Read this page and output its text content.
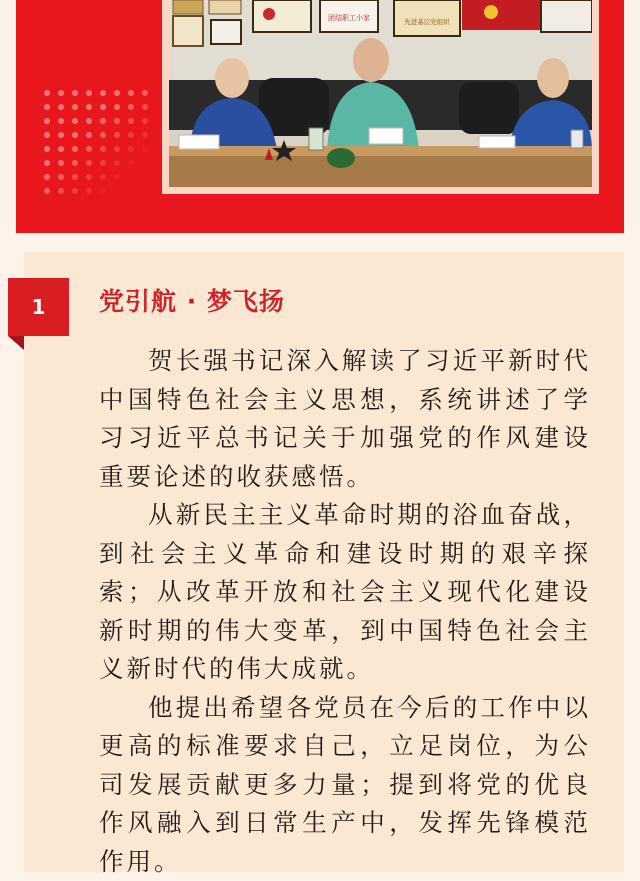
团结职工小家	先进基层党组织
1 党引航 · 梦飞扬

贺长强书记深入解读了习近平新时代中国特色社会主义思想，系统讲述了学习习近平总书记关于加强党的作风建设重要论述的收获感悟。

从新民主主义革命时期的浴血奋战，到社会主义革命和建设时期的艰辛探索；从改革开放和社会主义现代化建设新时期的伟大变革，到中国特色社会主义新时代的伟大成就。

他提出希望各党员在今后的工作中以更高的标准要求自己，立足岗位，为公司发展贡献更多力量；提到将党的优良作风融入到日常生产中，发挥先锋模范作用。
